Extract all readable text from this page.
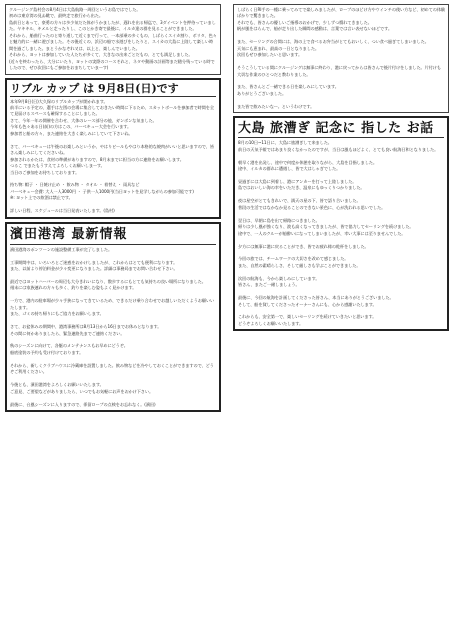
クルージング島村会の8月4日は大島航路一周回というお島ではでした。
初めは東京湾の見ゐ眺で、最終走で旅行から出た。
島前日とあって、豪勇の方々は多少気だた体がうかましたが、遅れを出る帰迄で、3ダイベントを押待っていました。ヤキキル、キメルと走ったりし、このとかき寄で最後に、イルカ達の群を見ることができました。
それから、船曲行ったのと寄り道して近くまで行って、一本部乗の多くもの、しばらくスイカ割り、ボリタ、色々と魅力的に一緒に遊びました。その後近くの、浜辺の船で水遊びをしたりと、スイカの大島に上陸して楽しい時間を過ごしました。まとうかなぞれ又は、以上と、楽しんでいました。
それから、ヨットは参加していた人たちが多くて、大きなの出来ごとだもの、とても満足しました。
(近々を終わったら、大分にいたり、ヨットの実際のコースそれと、ネタや動画の計画等まだ随分残っている時でしたので、ぜひ次回にもご参加をおまちしていまーす)
リブル カップ は 9月8日(日)です
本年9月8日(日)大久保のリブルカップが開かれます。
前半にいる予定の、選手は左図の会場に集合しておきたい時間に下るため、スカットボールを参加者で時間を全て見届けるスペースも確保することにしました。
さて、今年一年の開催を合わせ、大体のレース部分の他、ガンボンな気ました。
今年も色々ある日(前)の方はこの、バーベキュー大会を行います。
参加者と船の方々、また連絡を大きく楽しみにしていて下さいね。

さて、バーベキューは午後のお楽しみというか、やはりビールもやはり本格的な焼肉がいいと思いますので、皆さん楽しみにしてくださいね。
参加されるかたは、食材の準備がありますので、8月末までに担当の方に連絡をお願いします。
つるこ でまたもうすえてよろしくお願いしまーす。
当日のご参加をお待ちしております。

持ち物: 帽子 ・ 日焼け止め ・ 飲み物 ・ タオル ・ 着替え ・ 雨具など
バーベキュー会費: 大人一人3000円 ・ 子供一人1000円(当日ヨットを見学しながらの参加可能です)
※: ヨット上での飲酒は禁止です。

詳しい日程、スケジュールは当日発表いたします。(島村)
濱田港湾 最新情報
濱田港湾のポンツーンの施設整備工事が完了しました。

工事期間中は、いろいろとご迷惑をおかけしましたが、これからはとても便利になります。
また、以前より停泊料金が少々変更になりました。詳細は事務局までお問い合わせ下さい。

最近ではヨットハーバーの周辺も大分きれいになり、散歩するにもとても気持ちの良い場所になりました。
週末には家族連れの方々も多く、釣りを楽しむ姿もよく見かけます。

一方で、港内の駐車場が少々手狭になってきているため、できるだけ乗り合わせでお越しいただくようお願いいたします。
また、ゴミの持ち帰りにもご協力をお願いします。

さて、お盆休みの期間中、港湾事務所は8月13日から16日までお休みとなります。
その間に何かありましたら、緊急連絡先までご連絡ください。

秋のシーズンに向けて、各艇のメンテナンスもお早めにどうぞ。
船底塗装の予約も受け付けております。

それから、新しくクラブハウスに冷蔵庫を設置しました。飲み物などを冷やしておくことができますので、どうぞご利用ください。

今後とも、濱田港湾をよろしくお願いいたします。
ご意見、ご要望などがありましたら、いつでもお気軽にお声をおかけ下さい。

最後に、台風シーズンに入りますので、係留ロープの点検をお忘れなく。(濱田)
しばらく日RI手の一種に乗ってみてで楽しみましたが、ロープのほどけ方やウインチの使い方など、初めての体験ばかりで驚きました。
それでも、皆さんの優しいご指導のおかげで、少しずつ慣れてきました。
帆が風をはらんで、船が走り出した瞬間の感動は、言葉では言い表せないほどです。

また、セーリングの合間には、海の上で食べるお弁当がとてもおいしく、つい食べ過ぎてしまいました。
天気にも恵まれ、最高の一日となりました。
次回もぜひ参加したいと思います。

そうこうしている間にクルージングは無事に終わり、港に戻ってからは皆さんで後片付けをしました。片付けも大切な作業のひとつだと教わりました。

また、皆さんとご一緒できる日を楽しみにしています。
ありがとうございました。

また皆で飲みたいなー。というわけです。
大島 旅漕ぎ 記念に 指した お話
8月の10日~11日に、大島に旅漕ぎして来ました。
前日の天気予報ではあまり良くなかったのですが、当日は風もほどよく、とても良い航海日和となりました。

朝早く港を出発し、途中で何度か休憩を取りながら、大島を目指しました。
途中、イルカの群れに遭遇し、皆で大はしゃぎでした。

昼過ぎには大島に到着し、港にアンカーを打って上陸しました。
島ではおいしい海の幸をいただき、温泉にもゆっくりつかりました。

夜は星空がとてもきれいで、満天の星の下、皆で語り合いました。
普段の生活ではなかなか見ることのできない景色に、心が洗われる思いでした。

翌日は、早朝に島を出て帰路につきました。
帰りは少し風が強くなり、波も高くなってきましたが、皆で協力してセーリングを続けました。
途中で、一人のクルーが船酔いになってしまいましたが、幸い大事には至りませんでした。

夕方には無事に港に戻ることができ、皆でお疲れ様の乾杯をしました。

今回の旅では、チームワークの大切さを改めて感じました。
また、自然の素晴らしさ、そして厳しさも学ぶことができました。

次回の航海も、今から楽しみにしています。
皆さん、またご一緒しましょう。

最後に、今回の航海を計画してくださった皆さん、本当にありがとうございました。
そして、船を貸してくださったオーナーさんにも、心から感謝いたします。

これからも、安全第一で、楽しいセーリングを続けていきたいと思います。
どうぞよろしくお願いいたします。
